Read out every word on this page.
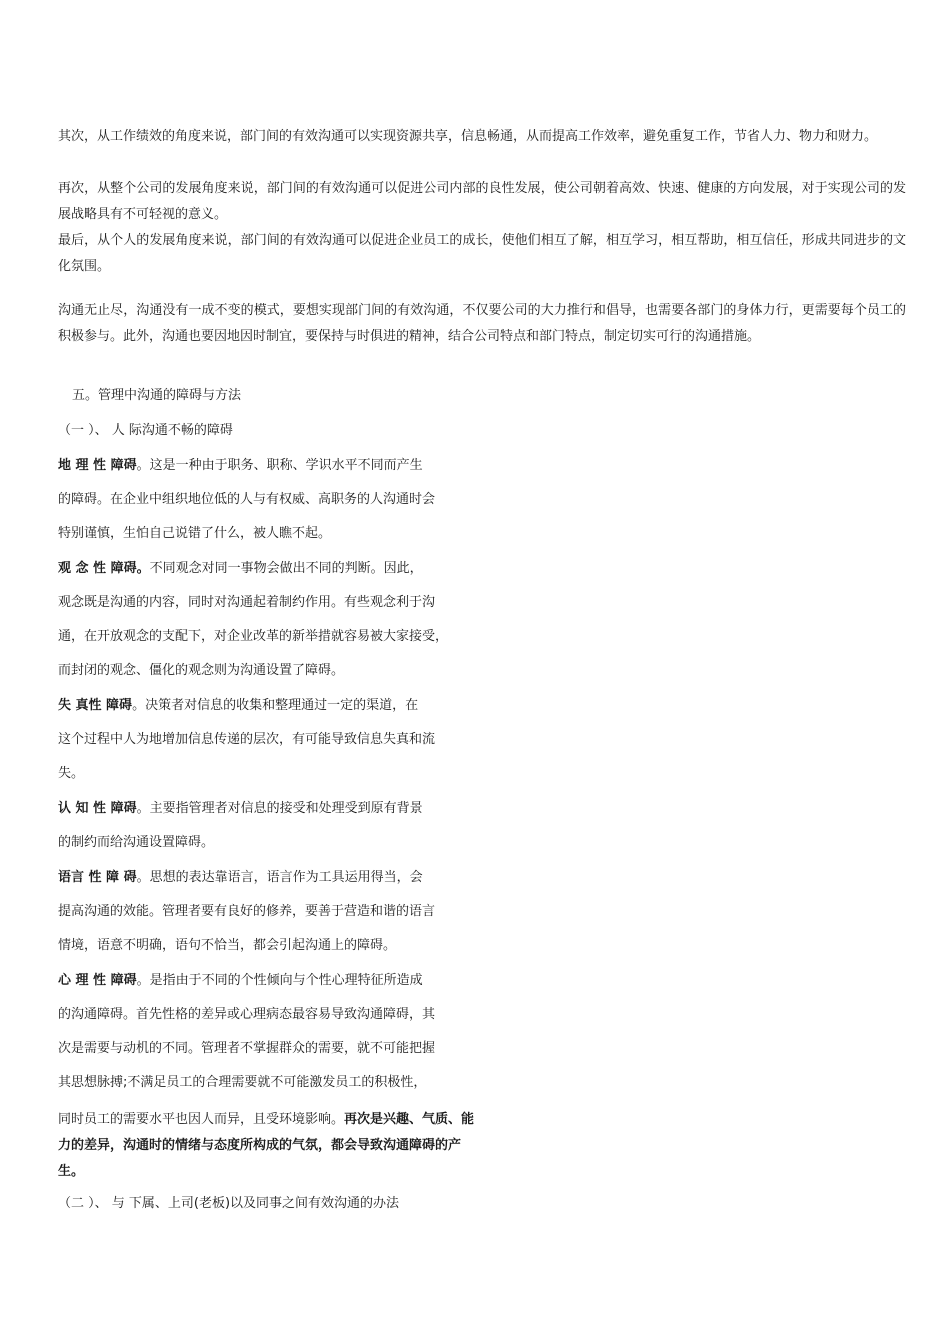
其次，从工作绩效的角度来说，部门间的有效沟通可以实现资源共享，信息畅通，从而提高工作效率，避免重复工作，节省人力、物力和财力。

再次，从整个公司的发展角度来说，部门间的有效沟通可以促进公司内部的良性发展，使公司朝着高效、快速、健康的方向发展，对于实现公司的发展战略具有不可轻视的意义。

最后，从个人的发展角度来说，部门间的有效沟通可以促进企业员工的成长，使他们相互了解，相互学习，相互帮助，相互信任，形成共同进步的文化氛围。

沟通无止尽，沟通没有一成不变的模式，要想实现部门间的有效沟通，不仅要公司的大力推行和倡导，也需要各部门的身体力行，更需要每个员工的积极参与。此外，沟通也要因地因时制宜，要保持与时俱进的精神，结合公司特点和部门特点，制定切实可行的沟通措施。

五。管理中沟通的障碍与方法

（一 ）、 人 际沟通不畅的障碍

地 理 性 障碍。这是一种由于职务、职称、学识水平不同而产生

的障碍。在企业中组织地位低的人与有权威、高职务的人沟通时会

特别谨慎，生怕自己说错了什么，被人瞧不起。

观 念 性 障碍。不同观念对同一事物会做出不同的判断。因此，

观念既是沟通的内容，同时对沟通起着制约作用。有些观念利于沟

通，在开放观念的支配下，对企业改革的新举措就容易被大家接受，

而封闭的观念、僵化的观念则为沟通设置了障碍。

失 真性 障碍。决策者对信息的收集和整理通过一定的渠道，在

这个过程中人为地增加信息传递的层次，有可能导致信息失真和流

失。

认 知 性 障碍。主要指管理者对信息的接受和处理受到原有背景

的制约而给沟通设置障碍。

语言 性 障 碍。思想的表达靠语言，语言作为工具运用得当，会

提高沟通的效能。管理者要有良好的修养，要善于营造和谐的语言

情境，语意不明确，语句不恰当，都会引起沟通上的障碍。

心 理 性 障碍。是指由于不同的个性倾向与个性心理特征所造成

的沟通障碍。首先性格的差异或心理病态最容易导致沟通障碍，其

次是需要与动机的不同。管理者不掌握群众的需要，就不可能把握

其思想脉搏;不满足员工的合理需要就不可能激发员工的积极性，

同时员工的需要水平也因人而异，且受环境影响。再次是兴趣、气质、能力的差异，沟通时的情绪与态度所构成的气氛，都会导致沟通障碍的产生。

（二 ）、 与 下属、上司(老板)以及同事之间有效沟通的办法
